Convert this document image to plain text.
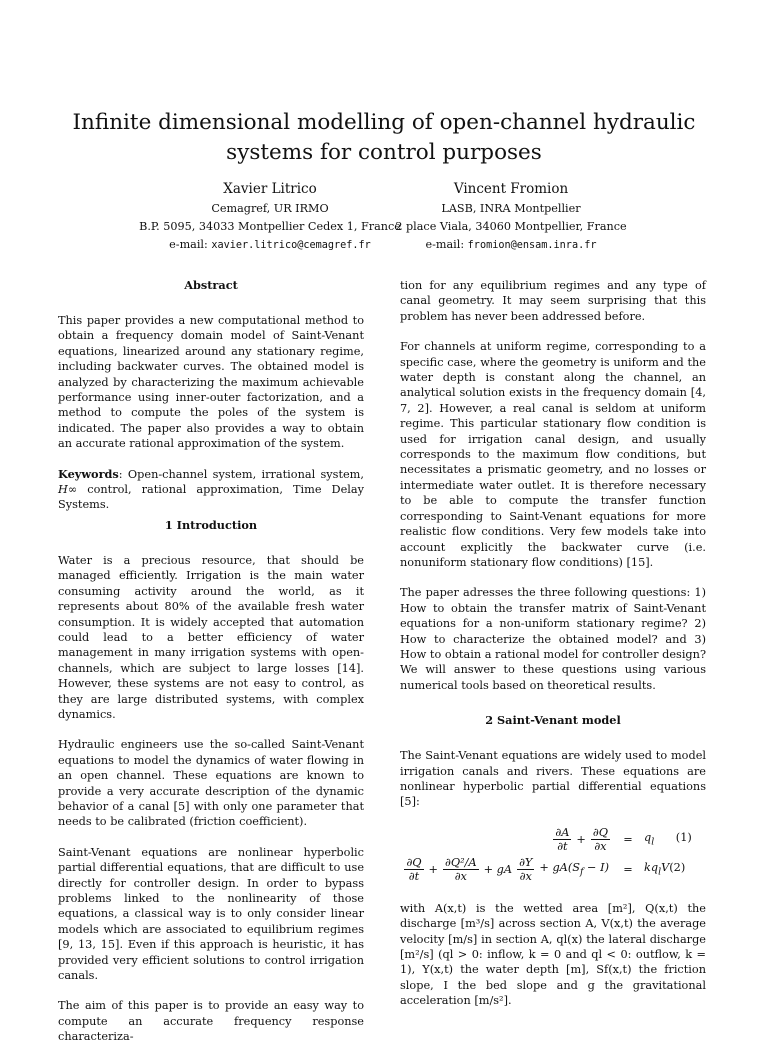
Infinite dimensional modelling of open-channel hydraulic
systems for control purposes
Xavier Litrico
Cemagref, UR IRMO
B.P. 5095, 34033 Montpellier Cedex 1, France
e-mail: xavier.litrico@cemagref.fr
Vincent Fromion
LASB, INRA Montpellier
2 place Viala, 34060 Montpellier, France
e-mail: fromion@ensam.inra.fr
Abstract

This paper provides a new computational method to obtain a frequency domain model of Saint-Venant equations, linearized around any stationary regime, including backwater curves. The obtained model is analyzed by characterizing the maximum achievable performance using inner-outer factorization, and a method to compute the poles of the system is indicated. The paper also provides a way to obtain an accurate rational approximation of the system.

Keywords: Open-channel system, irrational system, H∞ control, rational approximation, Time Delay Systems.

1 Introduction

Water is a precious resource, that should be managed efficiently. Irrigation is the main water consuming activity around the world, as it represents about 80% of the available fresh water consumption. It is widely accepted that automation could lead to a better efficiency of water management in many irrigation systems with open-channels, which are subject to large losses [14]. However, these systems are not easy to control, as they are large distributed systems, with complex dynamics.

Hydraulic engineers use the so-called Saint-Venant equations to model the dynamics of water flowing in an open channel. These equations are known to provide a very accurate description of the dynamic behavior of a canal [5] with only one parameter that needs to be calibrated (friction coefficient).

Saint-Venant equations are nonlinear hyperbolic partial differential equations, that are difficult to use directly for controller design. In order to bypass problems linked to the nonlinearity of those equations, a classical way is to only consider linear models which are associated to equilibrium regimes [9, 13, 15]. Even if this approach is heuristic, it has provided very efficient solutions to control irrigation canals.

The aim of this paper is to provide an easy way to compute an accurate frequency response characteriza-

tion for any equilibrium regimes and any type of canal geometry. It may seem surprising that this problem has never been addressed before.

For channels at uniform regime, corresponding to a specific case, where the geometry is uniform and the water depth is constant along the channel, an analytical solution exists in the frequency domain [4, 7, 2]. However, a real canal is seldom at uniform regime. This particular stationary flow condition is used for irrigation canal design, and usually corresponds to the maximum flow conditions, but necessitates a prismatic geometry, and no losses or intermediate water outlet. It is therefore necessary to be able to compute the transfer function corresponding to Saint-Venant equations for more realistic flow conditions. Very few models take into account explicitly the backwater curve (i.e. nonuniform stationary flow conditions) [15].

The paper adresses the three following questions: 1) How to obtain the transfer matrix of Saint-Venant equations for a non-uniform stationary regime? 2) How to characterize the obtained model? and 3) How to obtain a rational model for controller design? We will answer to these questions using various numerical tools based on theoretical results.

2 Saint-Venant model

The Saint-Venant equations are widely used to model irrigation canals and rivers. These equations are nonlinear hyperbolic partial differential equations [5]:

$\frac{\partial A}{\partial t} + \frac{\partial Q}{\partial x}$	= $q_l$ (1)
$\frac{\partial Q}{\partial t} + \frac{\text{∂Q²/A}}{\partial x}$ + gA $\frac{\partial Y}{\partial x} + gA(S_f - I)$	= $kq_lV(2)$

with A(x,t) is the wetted area [m²], Q(x,t) the discharge [m³/s] across section A, V(x,t) the average velocity [m/s] in section A, ql(x) the lateral discharge [m²/s] (ql > 0: inflow, k = 0 and ql < 0: outflow, k = 1), Y(x,t) the water depth [m], Sf(x,t) the friction slope, I the bed slope and g the gravitational acceleration [m/s²].
